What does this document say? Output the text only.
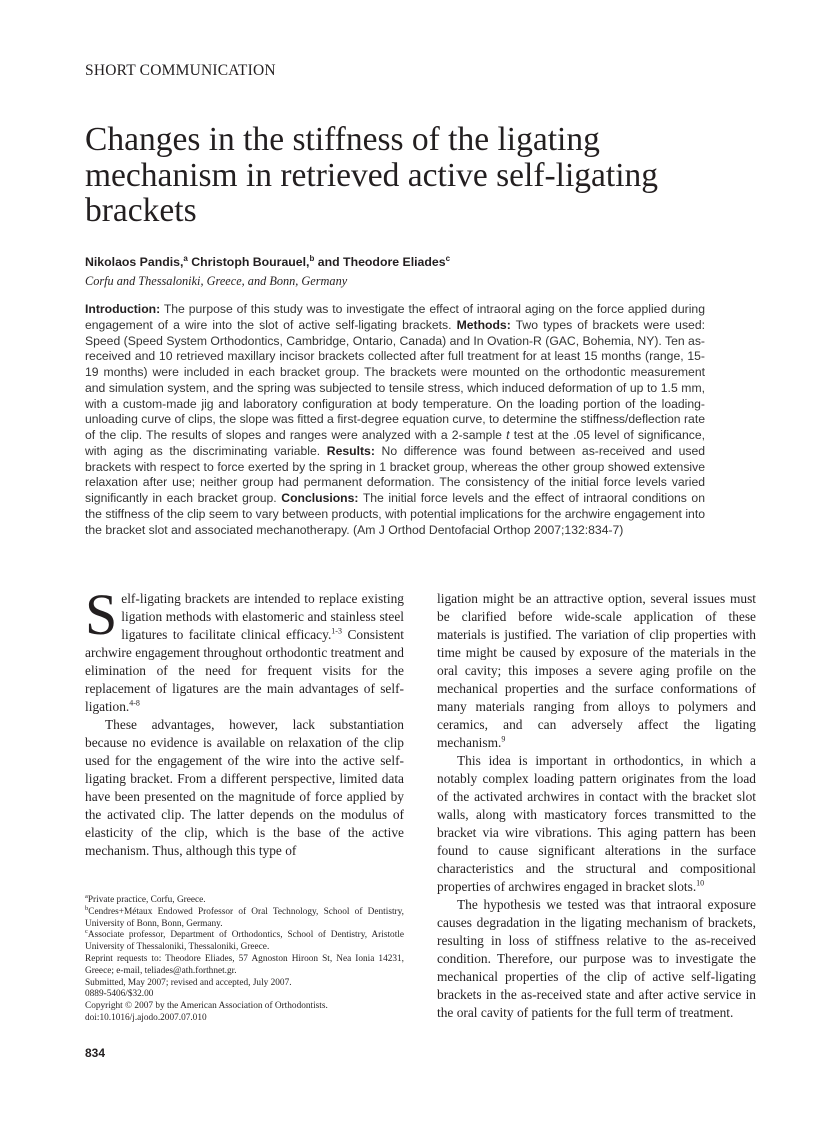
SHORT COMMUNICATION
Changes in the stiffness of the ligating mechanism in retrieved active self-ligating brackets
Nikolaos Pandis,$^a$ Christoph Bourauel,$^b$ and Theodore Eliades$^c$
Corfu and Thessaloniki, Greece, and Bonn, Germany
Introduction: The purpose of this study was to investigate the effect of intraoral aging on the force applied during engagement of a wire into the slot of active self-ligating brackets. Methods: Two types of brackets were used: Speed (Speed System Orthodontics, Cambridge, Ontario, Canada) and In Ovation-R (GAC, Bohemia, NY). Ten as-received and 10 retrieved maxillary incisor brackets collected after full treatment for at least 15 months (range, 15-19 months) were included in each bracket group. The brackets were mounted on the orthodontic measurement and simulation system, and the spring was subjected to tensile stress, which induced deformation of up to 1.5 mm, with a custom-made jig and laboratory configuration at body temperature. On the loading portion of the loading-unloading curve of clips, the slope was fitted a first-degree equation curve, to determine the stiffness/deflection rate of the clip. The results of slopes and ranges were analyzed with a 2-sample t test at the .05 level of significance, with aging as the discriminating variable. Results: No difference was found between as-received and used brackets with respect to force exerted by the spring in 1 bracket group, whereas the other group showed extensive relaxation after use; neither group had permanent deformation. The consistency of the initial force levels varied significantly in each bracket group. Conclusions: The initial force levels and the effect of intraoral conditions on the stiffness of the clip seem to vary between products, with potential implications for the archwire engagement into the bracket slot and associated mechanotherapy. (Am J Orthod Dentofacial Orthop 2007;132:834-7)

Self-ligating brackets are intended to replace existing ligation methods with elastomeric and stainless steel ligatures to facilitate clinical efficacy.$^{1-3}$ Consistent archwire engagement throughout orthodontic treatment and elimination of the need for frequent visits for the replacement of ligatures are the main advantages of self-ligation.$^{4-8}$

These advantages, however, lack substantiation because no evidence is available on relaxation of the clip used for the engagement of the wire into the active self-ligating bracket. From a different perspective, limited data have been presented on the magnitude of force applied by the activated clip. The latter depends on the modulus of elasticity of the clip, which is the base of the active mechanism. Thus, although this type of

ligation might be an attractive option, several issues must be clarified before wide-scale application of these materials is justified. The variation of clip properties with time might be caused by exposure of the materials in the oral cavity; this imposes a severe aging profile on the mechanical properties and the surface conformations of many materials ranging from alloys to polymers and ceramics, and can adversely affect the ligating mechanism.$^9$

This idea is important in orthodontics, in which a notably complex loading pattern originates from the load of the activated archwires in contact with the bracket slot walls, along with masticatory forces transmitted to the bracket via wire vibrations. This aging pattern has been found to cause significant alterations in the surface characteristics and the structural and compositional properties of archwires engaged in bracket slots.$^{10}$

The hypothesis we tested was that intraoral exposure causes degradation in the ligating mechanism of brackets, resulting in loss of stiffness relative to the as-received condition. Therefore, our purpose was to investigate the mechanical properties of the clip of active self-ligating brackets in the as-received state and after active service in the oral cavity of patients for the full term of treatment.

$^a$Private practice, Corfu, Greece.
$^b$Cendres+Métaux Endowed Professor of Oral Technology, School of Dentistry, University of Bonn, Bonn, Germany.
$^c$Associate professor, Department of Orthodontics, School of Dentistry, Aristotle University of Thessaloniki, Thessaloniki, Greece.
Reprint requests to: Theodore Eliades, 57 Agnoston Hiroon St, Nea Ionia 14231, Greece; e-mail, teliades@ath.forthnet.gr.
Submitted, May 2007; revised and accepted, July 2007.
0889-5406/$32.00
Copyright © 2007 by the American Association of Orthodontists.
doi:10.1016/j.ajodo.2007.07.010
834
